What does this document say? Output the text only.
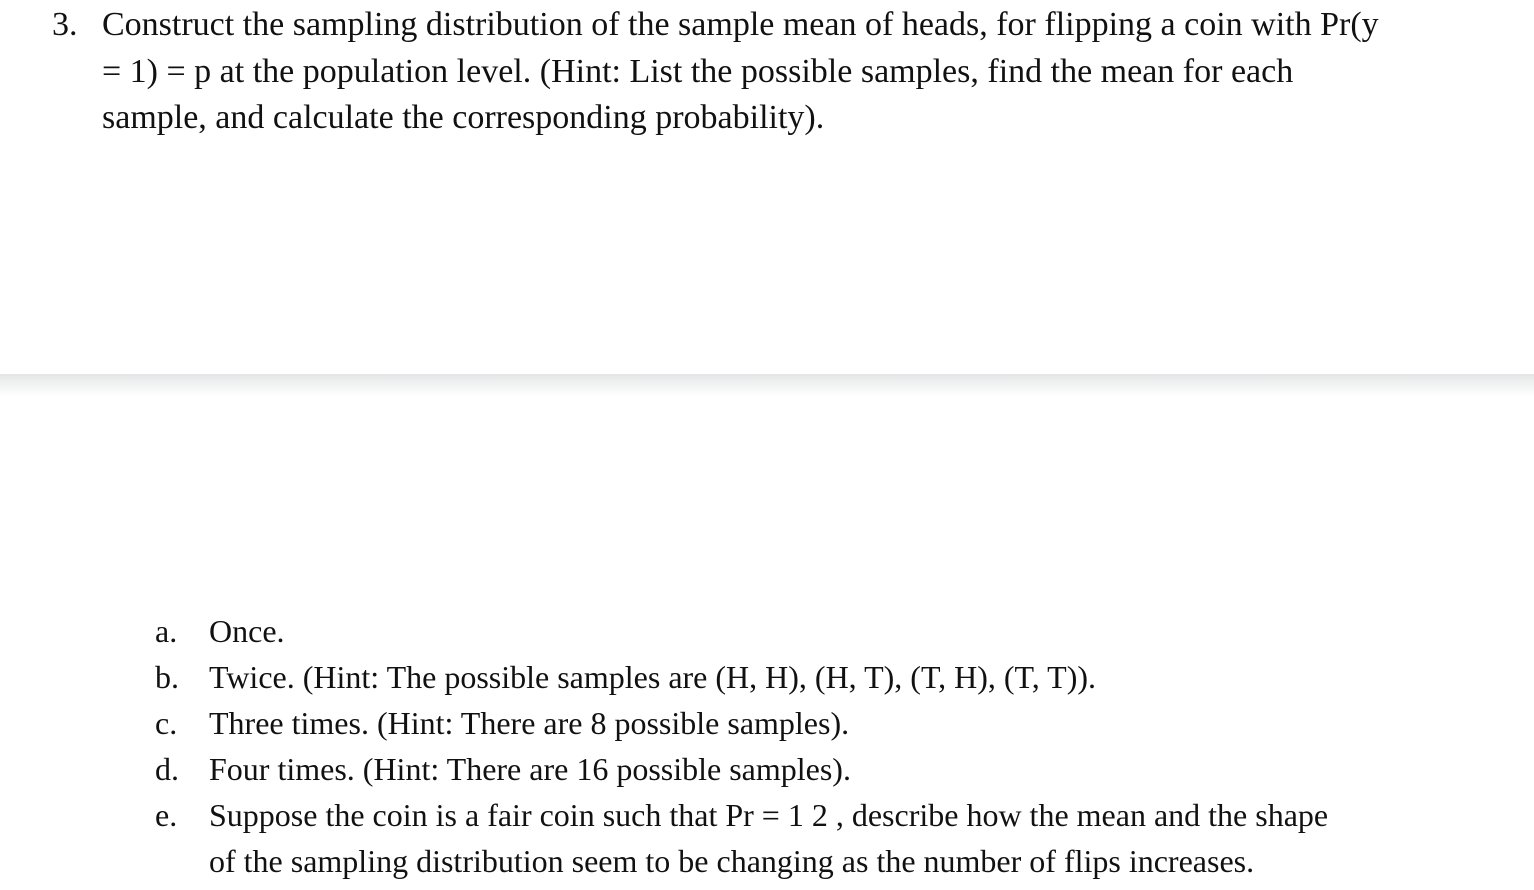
3. Construct the sampling distribution of the sample mean of heads, for flipping a coin with Pr(y
= 1) = p at the population level. (Hint: List the possible samples, find the mean for each
sample, and calculate the corresponding probability).
a. Once.
b. Twice. (Hint: The possible samples are (H, H), (H, T), (T, H), (T, T)).
c. Three times. (Hint: There are 8 possible samples).
d. Four times. (Hint: There are 16 possible samples).
e. Suppose the coin is a fair coin such that Pr = 1 2 , describe how the mean and the shape
of the sampling distribution seem to be changing as the number of flips increases.
